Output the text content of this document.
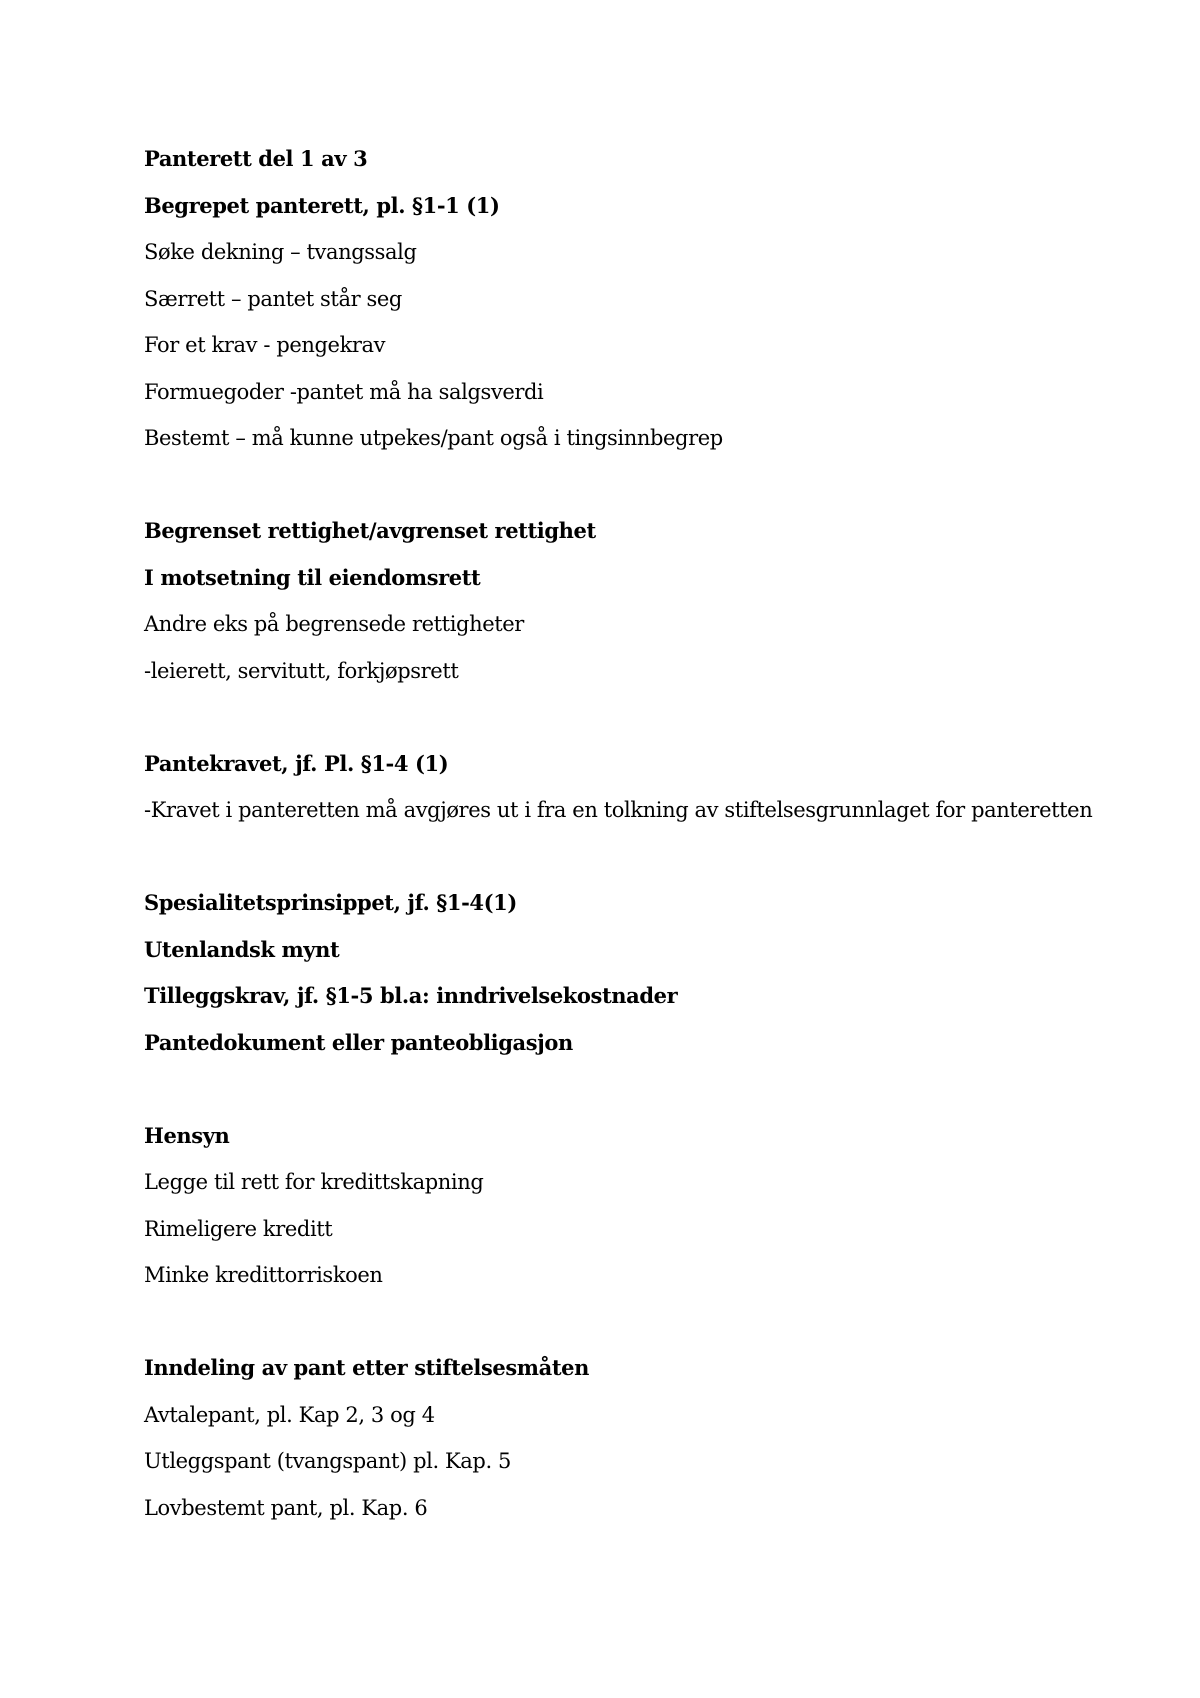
Panterett del 1 av 3
Begrepet panterett, pl. §1-1 (1)
Søke dekning – tvangssalg
Særrett – pantet står seg
For et krav - pengekrav
Formuegoder -pantet må ha salgsverdi
Bestemt – må kunne utpekes/pant også i tingsinnbegrep
Begrenset rettighet/avgrenset rettighet
I motsetning til eiendomsrett
Andre eks på begrensede rettigheter
-leierett, servitutt, forkjøpsrett
Pantekravet, jf. Pl. §1-4 (1)
-Kravet i panteretten må avgjøres ut i fra en tolkning av stiftelsesgrunnlaget for panteretten
Spesialitetsprinsippet, jf. §1-4(1)
Utenlandsk mynt
Tilleggskrav, jf. §1-5 bl.a: inndrivelsekostnader
Pantedokument eller panteobligasjon
Hensyn
Legge til rett for kredittskapning
Rimeligere kreditt
Minke kredittorriskoen
Inndeling av pant etter stiftelsesmåten
Avtalepant, pl. Kap 2, 3 og 4
Utleggspant (tvangspant) pl. Kap. 5
Lovbestemt pant, pl. Kap. 6
